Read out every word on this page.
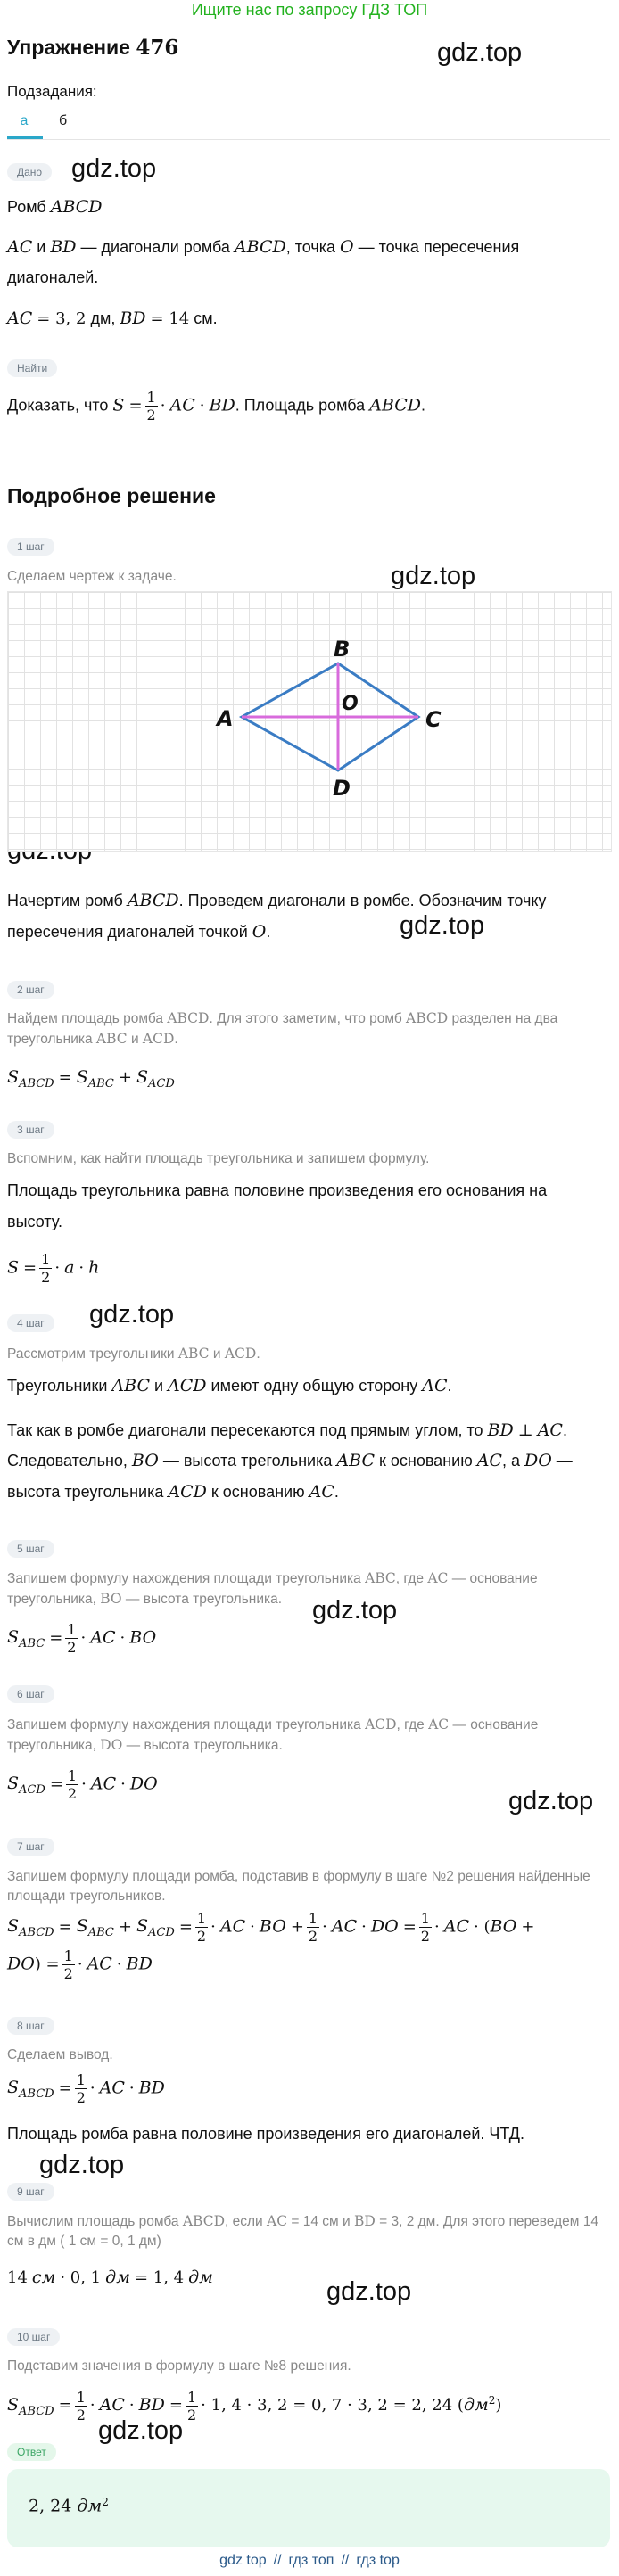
Ищите нас по запросу ГДЗ ТОП
Упражнение 476	gdz.top
gdz.top
gdz.top
gdz.top
gdz.top
gdz.top
gdz.top
gdz.top
gdz.top
gdz.top
Подзадания:
а	б
Дано
Ромб ABCD
AC и BD — диагонали ромба ABCD, точка O — точка пересечения
диагоналей.
AC = 3, 2 дм, BD = 14 см.
Найти
Доказать, что $S = \frac{1}{2}$ · AC · BD. Площадь ромба ABCD.
Подробное решение
1 шаг
Сделаем чертеж к задаче.
A
B
C
D
O
Начертим ромб ABCD. Проведем диагонали в ромбе. Обозначим точку
пересечения диагоналей точкой O.
2 шаг
Найдем площадь ромба ABCD. Для этого заметим, что ромб ABCD разделен на два треугольника ABC и ACD.
$S_{ABCD} = S_{ABC} + S_{ACD}$
3 шаг
Вспомним, как найти площадь треугольника и запишем формулу.
Площадь треугольника равна половине произведения его основания на
высоту.
$S = \frac{1}{2} \cdot a \cdot h$
4 шаг
Рассмотрим треугольники ABC и ACD.
Треугольники ABC и ACD имеют одну общую сторону AC.
Так как в ромбе диагонали пересекаются под прямым углом, то BD ⊥ AC.
Следовательно, BO — высота трегольника ABC к основанию AC, а DO —
высота треугольника ACD к основанию AC.
5 шаг
Запишем формулу нахождения площади треугольника ABC, где AC — основание треугольника, BO — высота треугольника.
$S_{ABC} = \frac{1}{2}$ · AC · BO
6 шаг
Запишем формулу нахождения площади треугольника ACD, где AC — основание треугольника, DO — высота треугольника.
$S_{ACD} = \frac{1}{2}$ · AC · DO
7 шаг
Запишем формулу площади ромба, подставив в формулу в шаге №2 решения найденные площади треугольников.
$S_{ABCD} = S_{ABC} + S_{ACD} = \frac{1}{2}$ · AC · BO + $\frac{1}{2}$ · AC · DO = $\frac{1}{2}$ · AC · (BO +
$DO) = \frac{1}{2}$ · AC · BD
8 шаг
Сделаем вывод.
$S_{ABCD} = \frac{1}{2}$ · AC · BD
Площадь ромба равна половине произведения его диагоналей. ЧТД.
9 шаг
Вычислим площадь ромба ABCD, если AC = 14 см и BD = 3, 2 дм. Для этого переведем 14 см в дм ( 1 см = 0, 1 дм)
14 см · 0, 1 дм = 1, 4 дм
10 шаг
Подставим значения в формулу в шаге №8 решения.
$S_{ABCD} = \frac{1}{2}$ · AC · BD = $\frac{1}{2} \cdot 1$, 4 · 3, 2 = 0, 7 · 3, 2 = 2, 24 (дм$^2$)
Ответ
2, 24 дм$^2$
gdz top // гдз топ // гдз top
